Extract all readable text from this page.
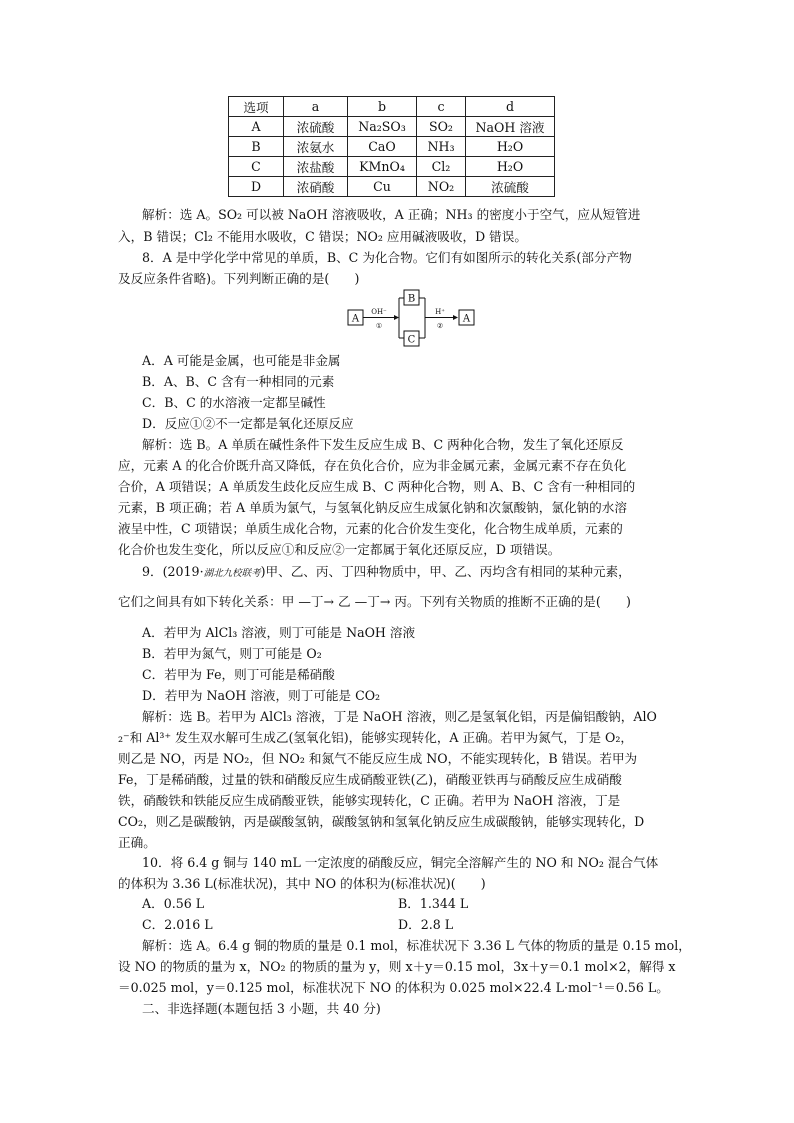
选项	a	b	c	d
A	浓硫酸	Na₂SO₃	SO₂	NaOH 溶液
B	浓氨水	CaO	NH₃	H₂O
C	浓盐酸	KMnO₄	Cl₂	H₂O
D	浓硝酸	Cu	NO₂	浓硫酸

解析：选 A。SO₂ 可以被 NaOH 溶液吸收，A 正确；NH₃ 的密度小于空气，应从短管进

入，B 错误；Cl₂ 不能用水吸收，C 错误；NO₂ 应用碱液吸收，D 错误。

8．A 是中学化学中常见的单质，B、C 为化合物。它们有如图所示的转化关系(部分产物

及反应条件省略)。下列判断正确的是(　　)

A
OH⁻
①
B
C
H⁺
②
A

A．A 可能是金属，也可能是非金属

B．A、B、C 含有一种相同的元素

C．B、C 的水溶液一定都呈碱性

D．反应①②不一定都是氧化还原反应

解析：选 B。A 单质在碱性条件下发生反应生成 B、C 两种化合物，发生了氧化还原反

应，元素 A 的化合价既升高又降低，存在负化合价，应为非金属元素，金属元素不存在负化

合价，A 项错误；A 单质发生歧化反应生成 B、C 两种化合物，则 A、B、C 含有一种相同的

元素，B 项正确；若 A 单质为氯气，与氢氧化钠反应生成氯化钠和次氯酸钠，氯化钠的水溶

液呈中性，C 项错误；单质生成化合物，元素的化合价发生变化，化合物生成单质，元素的

化合价也发生变化，所以反应①和反应②一定都属于氧化还原反应，D 项错误。

9．(2019·湖北九校联考)甲、乙、丙、丁四种物质中，甲、乙、丙均含有相同的某种元素，

它们之间具有如下转化关系：甲 —丁→ 乙 —丁→ 丙。下列有关物质的推断不正确的是(　　)

A．若甲为 AlCl₃ 溶液，则丁可能是 NaOH 溶液

B．若甲为氮气，则丁可能是 O₂

C．若甲为 Fe，则丁可能是稀硝酸

D．若甲为 NaOH 溶液，则丁可能是 CO₂

解析：选 B。若甲为 AlCl₃ 溶液，丁是 NaOH 溶液，则乙是氢氧化铝，丙是偏铝酸钠，AlO

₂⁻和 Al³⁺ 发生双水解可生成乙(氢氧化铝)，能够实现转化，A 正确。若甲为氮气，丁是 O₂，

则乙是 NO，丙是 NO₂，但 NO₂ 和氮气不能反应生成 NO，不能实现转化，B 错误。若甲为

Fe，丁是稀硝酸，过量的铁和硝酸反应生成硝酸亚铁(乙)，硝酸亚铁再与硝酸反应生成硝酸

铁，硝酸铁和铁能反应生成硝酸亚铁，能够实现转化，C 正确。若甲为 NaOH 溶液，丁是

CO₂，则乙是碳酸钠，丙是碳酸氢钠，碳酸氢钠和氢氧化钠反应生成碳酸钠，能够实现转化，D

正确。

10．将 6.4 g 铜与 140 mL 一定浓度的硝酸反应，铜完全溶解产生的 NO 和 NO₂ 混合气体

的体积为 3.36 L(标准状况)，其中 NO 的体积为(标准状况)(　　)

A．0.56 L	B．1.344 L
C．2.016 L	D．2.8 L

解析：选 A。6.4 g 铜的物质的量是 0.1 mol，标准状况下 3.36 L 气体的物质的量是 0.15 mol，

设 NO 的物质的量为 x，NO₂ 的物质的量为 y，则 x＋y＝0.15 mol，3x＋y＝0.1 mol×2，解得 x

＝0.025 mol，y＝0.125 mol，标准状况下 NO 的体积为 0.025 mol×22.4 L·mol⁻¹＝0.56 L。

二、非选择题(本题包括 3 小题，共 40 分)
